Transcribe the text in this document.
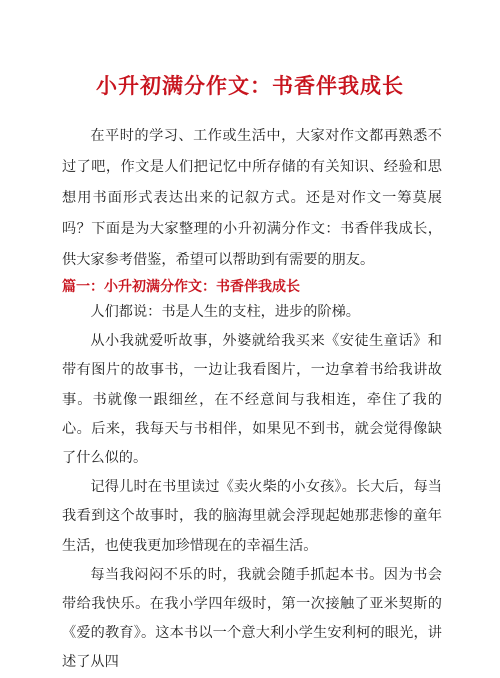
小升初满分作文：书香伴我成长

在平时的学习、工作或生活中，大家对作文都再熟悉不过了吧，作文是人们把记忆中所存储的有关知识、经验和思想用书面形式表达出来的记叙方式。还是对作文一筹莫展吗？下面是为大家整理的小升初满分作文：书香伴我成长，供大家参考借鉴，希望可以帮助到有需要的朋友。

篇一：小升初满分作文：书香伴我成长

人们都说：书是人生的支柱，进步的阶梯。

从小我就爱听故事，外婆就给我买来《安徒生童话》和带有图片的故事书，一边让我看图片，一边拿着书给我讲故事。书就像一跟细丝，在不经意间与我相连，牵住了我的心。后来，我每天与书相伴，如果见不到书，就会觉得像缺了什么似的。

记得儿时在书里读过《卖火柴的小女孩》。长大后，每当我看到这个故事时，我的脑海里就会浮现起她那悲惨的童年生活，也使我更加珍惜现在的幸福生活。

每当我闷闷不乐的时，我就会随手抓起本书。因为书会带给我快乐。在我小学四年级时，第一次接触了亚米契斯的《爱的教育》。这本书以一个意大利小学生安利柯的眼光，讲述了从四
